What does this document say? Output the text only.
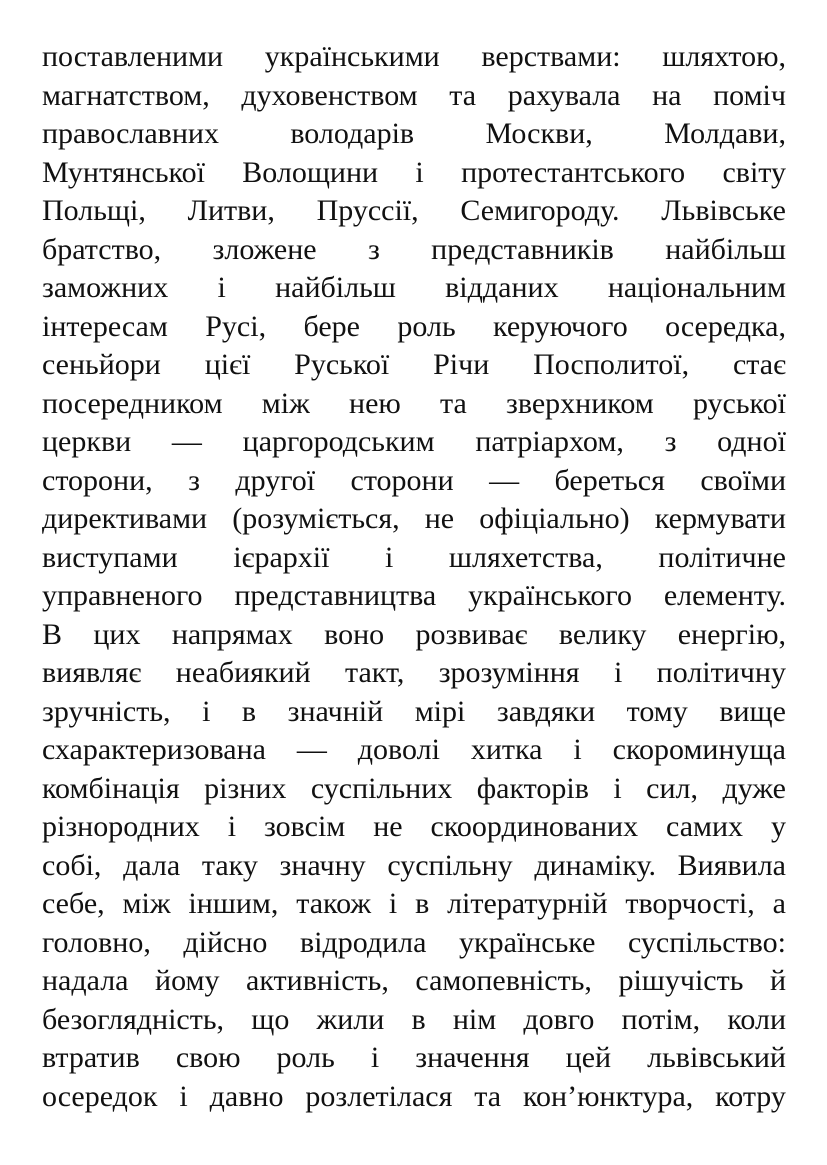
поставленими українськими верствами: шляхтою,
магнатством, духовенством та рахувала на поміч
православних володарів Москви, Молдави,
Мунтянської Волощини і протестантського світу
Польщі, Литви, Пруссії, Семигороду. Львівське
братство, зложене з представників найбільш
заможних і найбільш відданих національним
інтересам Русі, бере роль керуючого осередка,
сеньйори цієї Руської Річи Посполитої, стає
посередником між нею та зверхником руської
церкви — царгородським патріархом, з одної
сторони, з другої сторони — береться своїми
директивами (розуміється, не офіціально) кермувати
виступами ієрархії і шляхетства, політичне
управненого представництва українського елементу.
В цих напрямах воно розвиває велику енергію,
виявляє неабиякий такт, зрозуміння і політичну
зручність, і в значній мірі завдяки тому вище
схарактеризована — доволі хитка і скороминуща
комбінація різних суспільних факторів і сил, дуже
різнородних і зовсім не скоординованих самих у
собі, дала таку значну суспільну динаміку. Виявила
себе, між іншим, також і в літературній творчості, а
головно, дійсно відродила українське суспільство:
надала йому активність, самопевність, рішучість й
безоглядність, що жили в нім довго потім, коли
втратив свою роль і значення цей львівський
осередок і давно розлетілася та кон’юнктура, котру
